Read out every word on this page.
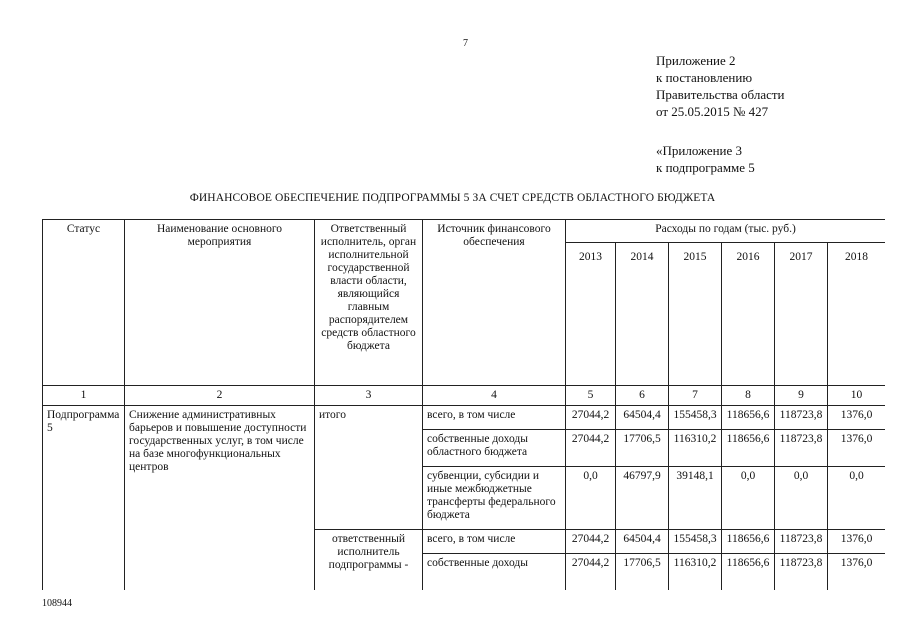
7
Приложение 2
к постановлению
Правительства области
от 25.05.2015 № 427
«Приложение 3
к подпрограмме 5
ФИНАНСОВОЕ ОБЕСПЕЧЕНИЕ ПОДПРОГРАММЫ 5 ЗА СЧЕТ СРЕДСТВ ОБЛАСТНОГО БЮДЖЕТА
Статус	Наименование основного мероприятия	Ответственный исполнитель, орган исполнительной государственной власти области, являющийся главным распорядителем средств областного бюджета	Источник финансового обеспечения	Расходы по годам (тыс. руб.)					
				2013	2014	2015	2016	2017	2018
1	2	3	4	5	6	7	8	9	10
Подпрограмма 5	Снижение административных барьеров и повышение доступности государственных услуг, в том числе на базе многофункциональных центров	итого	всего, в том числе	27044,2	64504,4	155458,3	118656,6	118723,8	1376,0
			собственные доходы областного бюджета	27044,2	17706,5	116310,2	118656,6	118723,8	1376,0
			субвенции, субсидии и иные межбюджетные трансферты федерального бюджета	0,0	46797,9	39148,1	0,0	0,0	0,0
		ответственный исполнитель подпрограммы -	всего, в том числе	27044,2	64504,4	155458,3	118656,6	118723,8	1376,0
			собственные доходы	27044,2	17706,5	116310,2	118656,6	118723,8	1376,0
108944
